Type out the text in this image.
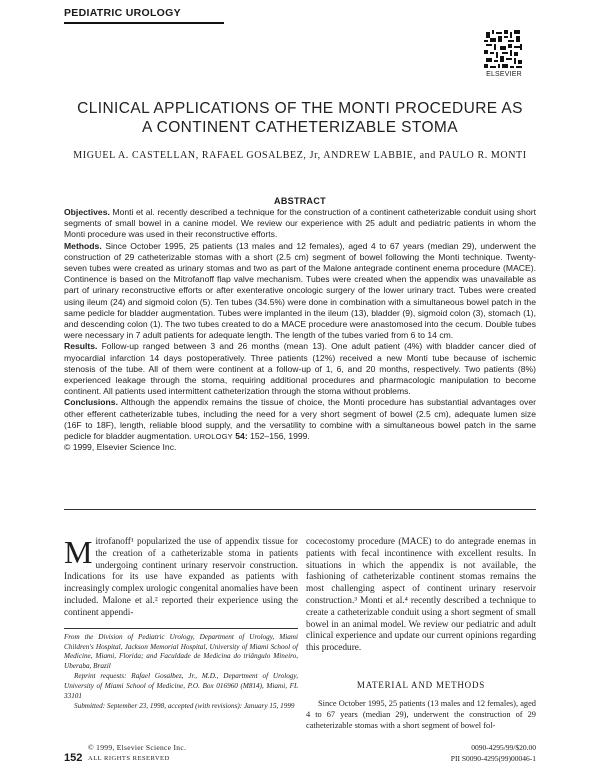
PEDIATRIC UROLOGY
ELSEVIER
CLINICAL APPLICATIONS OF THE MONTI PROCEDURE AS
A CONTINENT CATHETERIZABLE STOMA
MIGUEL A. CASTELLAN, RAFAEL GOSALBEZ, Jr, ANDREW LABBIE, and PAULO R. MONTI
ABSTRACT

Objectives. Monti et al. recently described a technique for the construction of a continent catheterizable conduit using short segments of small bowel in a canine model. We review our experience with 25 adult and pediatric patients in whom the Monti procedure was used in their reconstructive efforts.

Methods. Since October 1995, 25 patients (13 males and 12 females), aged 4 to 67 years (median 29), underwent the construction of 29 catheterizable stomas with a short (2.5 cm) segment of bowel following the Monti technique. Twenty-seven tubes were created as urinary stomas and two as part of the Malone antegrade continent enema procedure (MACE). Continence is based on the Mitrofanoff flap valve mechanism. Tubes were created when the appendix was unavailable as part of urinary reconstructive efforts or after exenterative oncologic surgery of the lower urinary tract. Tubes were created using ileum (24) and sigmoid colon (5). Ten tubes (34.5%) were done in combination with a simultaneous bowel patch in the same pedicle for bladder augmentation. Tubes were implanted in the ileum (13), bladder (9), sigmoid colon (3), stomach (1), and descending colon (1). The two tubes created to do a MACE procedure were anastomosed into the cecum. Double tubes were necessary in 7 adult patients for adequate length. The length of the tubes varied from 6 to 14 cm.

Results. Follow-up ranged between 3 and 26 months (mean 13). One adult patient (4%) with bladder cancer died of myocardial infarction 14 days postoperatively. Three patients (12%) received a new Monti tube because of ischemic stenosis of the tube. All of them were continent at a follow-up of 1, 6, and 20 months, respectively. Two patients (8%) experienced leakage through the stoma, requiring additional procedures and pharmacologic manipulation to become continent. All patients used intermittent catheterization through the stoma without problems.

Conclusions. Although the appendix remains the tissue of choice, the Monti procedure has substantial advantages over other efferent catheterizable tubes, including the need for a very short segment of bowel (2.5 cm), adequate lumen size (16F to 18F), length, reliable blood supply, and the versatility to combine with a simultaneous bowel patch in the same pedicle for bladder augmentation. UROLOGY 54: 152–156, 1999.

© 1999, Elsevier Science Inc.

Mitrofanoff¹ popularized the use of appendix tissue for the creation of a catheterizable stoma in patients undergoing continent urinary reservoir construction. Indications for its use have expanded as patients with increasingly complex urologic congenital anomalies have been included. Malone et al.² reported their experience using the continent appendi-

From the Division of Pediatric Urology, Department of Urology, Miami Children's Hospital, Jackson Memorial Hospital, University of Miami School of Medicine, Miami, Florida; and Faculdade de Medicina do triângulo Mineiro, Uberaba, Brazil

Reprint requests: Rafael Gosalbez, Jr., M.D., Department of Urology, University of Miami School of Medicine, P.O. Box 016960 (M814), Miami, FL 33101

Submitted: September 23, 1998, accepted (with revisions): January 15, 1999

cocecostomy procedure (MACE) to do antegrade enemas in patients with fecal incontinence with excellent results. In situations in which the appendix is not available, the fashioning of catheterizable continent stomas remains the most challenging aspect of continent urinary reservoir construction.³ Monti et al.⁴ recently described a technique to create a catheterizable conduit using a short segment of small bowel in an animal model. We review our pediatric and adult clinical experience and update our current opinions regarding this procedure.

MATERIAL AND METHODS
Since October 1995, 25 patients (13 males and 12 females), aged 4 to 67 years (median 29), underwent the construction of 29 catheterizable stomas with a short segment of bowel fol-
© 1999, Elsevier Science Inc.
152 ALL RIGHTS RESERVED
0090-4295/99/$20.00
PII S0090-4295(99)00046-1
